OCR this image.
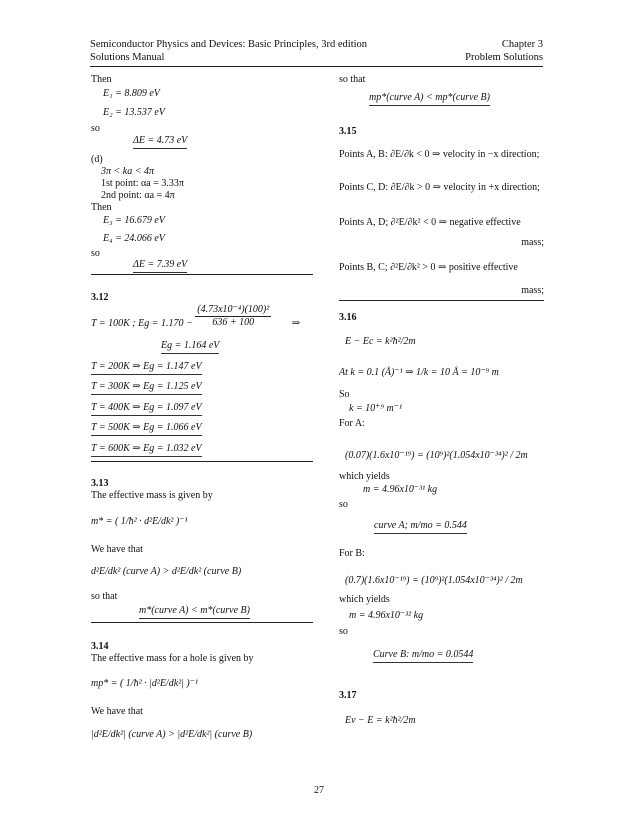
Semiconductor Physics and Devices: Basic Principles, 3rd edition
Solutions Manual
Chapter 3
Problem Solutions
Then
E₁ = 8.809 eV
E₂ = 13.537 eV
so
ΔE = 4.73 eV
(d)
3π < ka < 4π
1st point: αa = 3.33π
2nd point: αa = 4π
Then
E₃ = 16.679 eV
E₄ = 24.066 eV
so
ΔE = 7.39 eV
3.12
T = 100K ; $Eg = 1.170 - \frac{\text{(4.73x10⁻⁴)(100)²}}{636 + 100}$ ⇒
Eg = 1.164 eV
T = 200K ⇒ Eg = 1.147 eV
T = 300K ⇒ Eg = 1.125 eV
T = 400K ⇒ Eg = 1.097 eV
T = 500K ⇒ Eg = 1.066 eV
T = 600K ⇒ Eg = 1.032 eV
3.13
The effective mass is given by
m* = ( 1/ħ² · d²E/dk² )⁻¹
We have that
d²E/dk² (curve A) > d²E/dk² (curve B)
so that
m*(curve A) < m*(curve B)
3.14
The effective mass for a hole is given by
mp* = ( 1/ħ² · |d²E/dk²| )⁻¹
We have that
|d²E/dk²| (curve A) > |d²E/dk²| (curve B)
so that
mp*(curve A) < mp*(curve B)
3.15
Points A, B: ∂E/∂k < 0 ⇒ velocity in −x direction;
Points C, D: ∂E/∂k > 0 ⇒ velocity in +x direction;
Points A, D; ∂²E/∂k² < 0 ⇒ negative effective
mass;
Points B, C; ∂²E/∂k² > 0 ⇒ positive effective
mass;
3.16
E − Ec = k²ħ²/2m
At k = 0.1 (Å)⁻¹ ⇒ 1/k = 10 Å = 10⁻⁹ m
So
k = 10⁺⁹ m⁻¹
For A:
(0.07)(1.6x10⁻¹⁹) = (10⁹)²(1.054x10⁻³⁴)² / 2m
which yields
m = 4.96x10⁻³¹ kg
so
curve A; m/mo = 0.544
For B:
(0.7)(1.6x10⁻¹⁹) = (10⁹)²(1.054x10⁻³⁴)² / 2m
which yields
m = 4.96x10⁻³² kg
so
Curve B: m/mo = 0.0544
3.17
Eν − E = k²ħ²/2m
27
